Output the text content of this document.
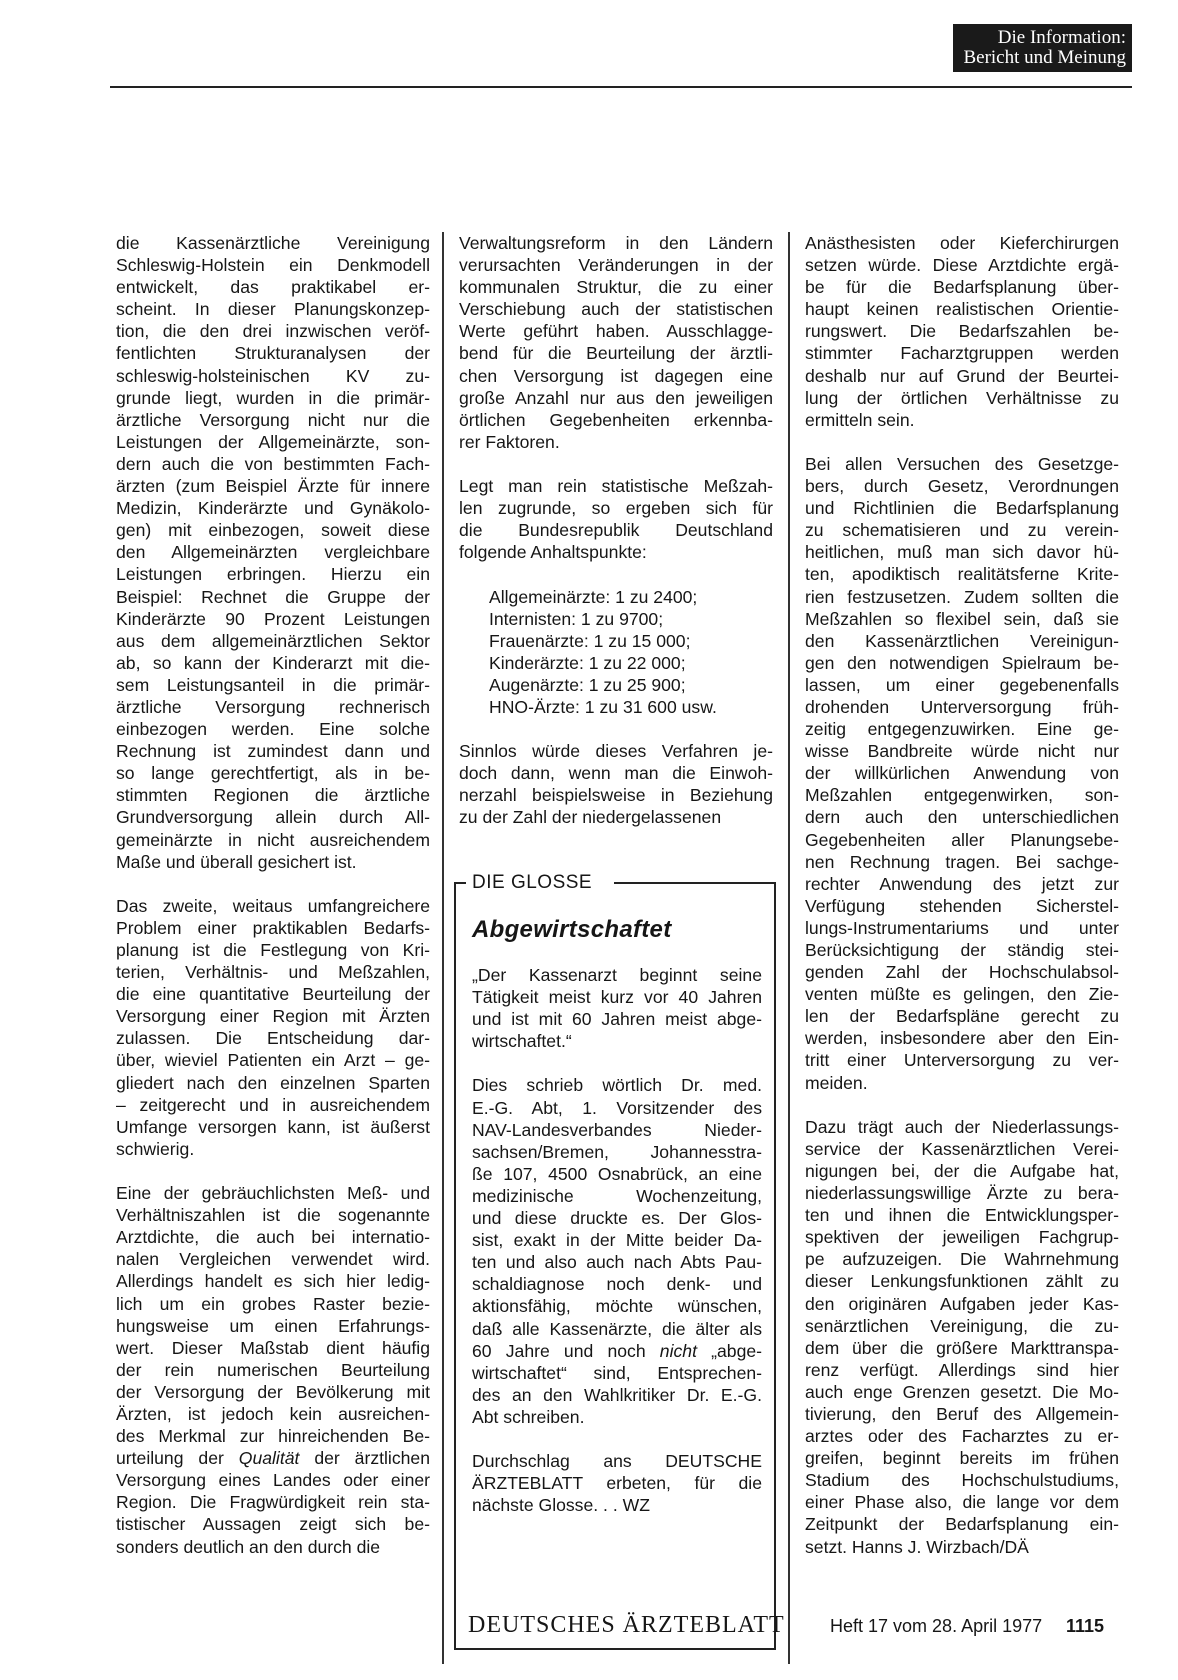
Die Information:
Bericht und Meinung
die Kassenärztliche Vereinigung
Schleswig-Holstein ein Denkmodell
entwickelt, das praktikabel er-
scheint. In dieser Planungskonzep-
tion, die den drei inzwischen veröf-
fentlichten Strukturanalysen der
schleswig-holsteinischen KV zu-
grunde liegt, wurden in die primär-
ärztliche Versorgung nicht nur die
Leistungen der Allgemeinärzte, son-
dern auch die von bestimmten Fach-
ärzten (zum Beispiel Ärzte für innere
Medizin, Kinderärzte und Gynäkolo-
gen) mit einbezogen, soweit diese
den Allgemeinärzten vergleichbare
Leistungen erbringen. Hierzu ein
Beispiel: Rechnet die Gruppe der
Kinderärzte 90 Prozent Leistungen
aus dem allgemeinärztlichen Sektor
ab, so kann der Kinderarzt mit die-
sem Leistungsanteil in die primär-
ärztliche Versorgung rechnerisch
einbezogen werden. Eine solche
Rechnung ist zumindest dann und
so lange gerechtfertigt, als in be-
stimmten Regionen die ärztliche
Grundversorgung allein durch All-
gemeinärzte in nicht ausreichendem
Maße und überall gesichert ist.
Das zweite, weitaus umfangreichere
Problem einer praktikablen Bedarfs-
planung ist die Festlegung von Kri-
terien, Verhältnis- und Meßzahlen,
die eine quantitative Beurteilung der
Versorgung einer Region mit Ärzten
zulassen. Die Entscheidung dar-
über, wieviel Patienten ein Arzt – ge-
gliedert nach den einzelnen Sparten
– zeitgerecht und in ausreichendem
Umfange versorgen kann, ist äußerst
schwierig.
Eine der gebräuchlichsten Meß- und
Verhältniszahlen ist die sogenannte
Arztdichte, die auch bei internatio-
nalen Vergleichen verwendet wird.
Allerdings handelt es sich hier ledig-
lich um ein grobes Raster bezie-
hungsweise um einen Erfahrungs-
wert. Dieser Maßstab dient häufig
der rein numerischen Beurteilung
der Versorgung der Bevölkerung mit
Ärzten, ist jedoch kein ausreichen-
des Merkmal zur hinreichenden Be-
urteilung der Qualität der ärztlichen
Versorgung eines Landes oder einer
Region. Die Fragwürdigkeit rein sta-
tistischer Aussagen zeigt sich be-
sonders deutlich an den durch die
Verwaltungsreform in den Ländern
verursachten Veränderungen in der
kommunalen Struktur, die zu einer
Verschiebung auch der statistischen
Werte geführt haben. Ausschlagge-
bend für die Beurteilung der ärztli-
chen Versorgung ist dagegen eine
große Anzahl nur aus den jeweiligen
örtlichen Gegebenheiten erkennba-
rer Faktoren.
Legt man rein statistische Meßzah-
len zugrunde, so ergeben sich für
die Bundesrepublik Deutschland
folgende Anhaltspunkte:
Allgemeinärzte: 1 zu 2400;
Internisten: 1 zu 9700;
Frauenärzte: 1 zu 15 000;
Kinderärzte: 1 zu 22 000;
Augenärzte: 1 zu 25 900;
HNO-Ärzte: 1 zu 31 600 usw.
Sinnlos würde dieses Verfahren je-
doch dann, wenn man die Einwoh-
nerzahl beispielsweise in Beziehung
zu der Zahl der niedergelassenen
Anästhesisten oder Kieferchirurgen
setzen würde. Diese Arztdichte ergä-
be für die Bedarfsplanung über-
haupt keinen realistischen Orientie-
rungswert. Die Bedarfszahlen be-
stimmter Facharztgruppen werden
deshalb nur auf Grund der Beurtei-
lung der örtlichen Verhältnisse zu
ermitteln sein.
Bei allen Versuchen des Gesetzge-
bers, durch Gesetz, Verordnungen
und Richtlinien die Bedarfsplanung
zu schematisieren und zu verein-
heitlichen, muß man sich davor hü-
ten, apodiktisch realitätsferne Krite-
rien festzusetzen. Zudem sollten die
Meßzahlen so flexibel sein, daß sie
den Kassenärztlichen Vereinigun-
gen den notwendigen Spielraum be-
lassen, um einer gegebenenfalls
drohenden Unterversorgung früh-
zeitig entgegenzuwirken. Eine ge-
wisse Bandbreite würde nicht nur
der willkürlichen Anwendung von
Meßzahlen entgegenwirken, son-
dern auch den unterschiedlichen
Gegebenheiten aller Planungsebe-
nen Rechnung tragen. Bei sachge-
rechter Anwendung des jetzt zur
Verfügung stehenden Sicherstel-
lungs-Instrumentariums und unter
Berücksichtigung der ständig stei-
genden Zahl der Hochschulabsol-
venten müßte es gelingen, den Zie-
len der Bedarfspläne gerecht zu
werden, insbesondere aber den Ein-
tritt einer Unterversorgung zu ver-
meiden.
Dazu trägt auch der Niederlassungs-
service der Kassenärztlichen Verei-
nigungen bei, der die Aufgabe hat,
niederlassungswillige Ärzte zu bera-
ten und ihnen die Entwicklungsper-
spektiven der jeweiligen Fachgrup-
pe aufzuzeigen. Die Wahrnehmung
dieser Lenkungsfunktionen zählt zu
den originären Aufgaben jeder Kas-
senärztlichen Vereinigung, die zu-
dem über die größere Markttranspa-
renz verfügt. Allerdings sind hier
auch enge Grenzen gesetzt. Die Mo-
tivierung, den Beruf des Allgemein-
arztes oder des Facharztes zu er-
greifen, beginnt bereits im frühen
Stadium des Hochschulstudiums,
einer Phase also, die lange vor dem
Zeitpunkt der Bedarfsplanung ein-
setzt. Hanns J. Wirzbach/DÄ
DIE GLOSSE
Abgewirtschaftet
„Der Kassenarzt beginnt seine
Tätigkeit meist kurz vor 40 Jahren
und ist mit 60 Jahren meist abge-
wirtschaftet.“
Dies schrieb wörtlich Dr. med.
E.-G. Abt, 1. Vorsitzender des
NAV-Landesverbandes Nieder-
sachsen/Bremen, Johannesstra-
ße 107, 4500 Osnabrück, an eine
medizinische Wochenzeitung,
und diese druckte es. Der Glos-
sist, exakt in der Mitte beider Da-
ten und also auch nach Abts Pau-
schaldiagnose noch denk- und
aktionsfähig, möchte wünschen,
daß alle Kassenärzte, die älter als
60 Jahre und noch nicht „abge-
wirtschaftet“ sind, Entsprechen-
des an den Wahlkritiker Dr. E.-G.
Abt schreiben.
Durchschlag ans DEUTSCHE
ÄRZTEBLATT erbeten, für die
nächste Glosse. . . WZ
DEUTSCHES ÄRZTEBLATT	Heft 17 vom 28. April 1977 1115
